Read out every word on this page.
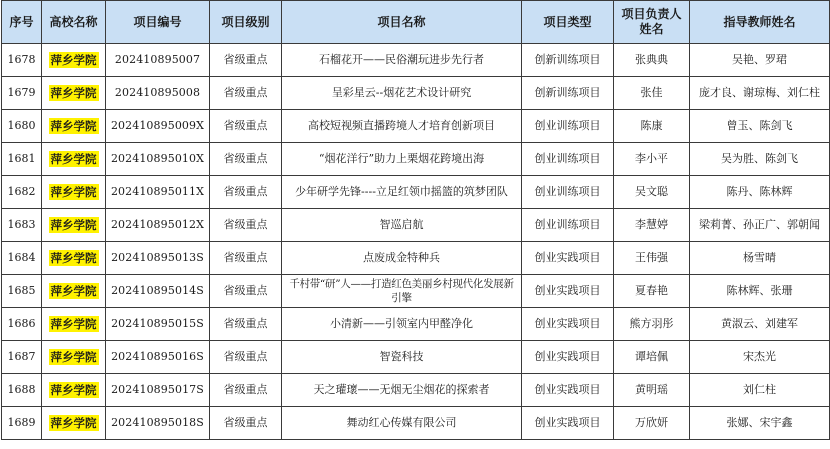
序号	高校名称	项目编号	项目级别	项目名称	项目类型	项目负责人姓名	指导教师姓名
1678	萍乡学院	202410895007	省级重点	石榴花开——民俗潮玩进步先行者	创新训练项目	张典典	吴艳、罗珺
1679	萍乡学院	202410895008	省级重点	呈彩星云--烟花艺术设计研究	创新训练项目	张佳	庞才良、谢琼梅、刘仁柱
1680	萍乡学院	202410895009X	省级重点	高校短视频直播跨境人才培育创新项目	创业训练项目	陈康	曾玉、陈剑飞
1681	萍乡学院	202410895010X	省级重点	“烟花洋行”助力上栗烟花跨境出海	创业训练项目	李小平	吴为胜、陈剑飞
1682	萍乡学院	202410895011X	省级重点	少年研学先锋----立足红领巾摇篮的筑梦团队	创业训练项目	吴文聪	陈丹、陈林辉
1683	萍乡学院	202410895012X	省级重点	智巡启航	创业训练项目	李慧婷	梁莉菁、孙正广、郭朝闻
1684	萍乡学院	202410895013S	省级重点	点废成金特种兵	创业实践项目	王伟强	杨雪晴
1685	萍乡学院	202410895014S	省级重点	千村带“研”人——打造红色美丽乡村现代化发展新引擎	创业实践项目	夏春艳	陈林辉、张珊
1686	萍乡学院	202410895015S	省级重点	小清新——引领室内甲醛净化	创业实践项目	熊方羽彤	黄淑云、刘建军
1687	萍乡学院	202410895016S	省级重点	智瓷科技	创业实践项目	谭培佩	宋杰光
1688	萍乡学院	202410895017S	省级重点	天之瓘瓌——无烟无尘烟花的探索者	创业实践项目	黄明瑶	刘仁柱
1689	萍乡学院	202410895018S	省级重点	舞动红心传媒有限公司	创业实践项目	万欣妍	张娜、宋宇鑫
